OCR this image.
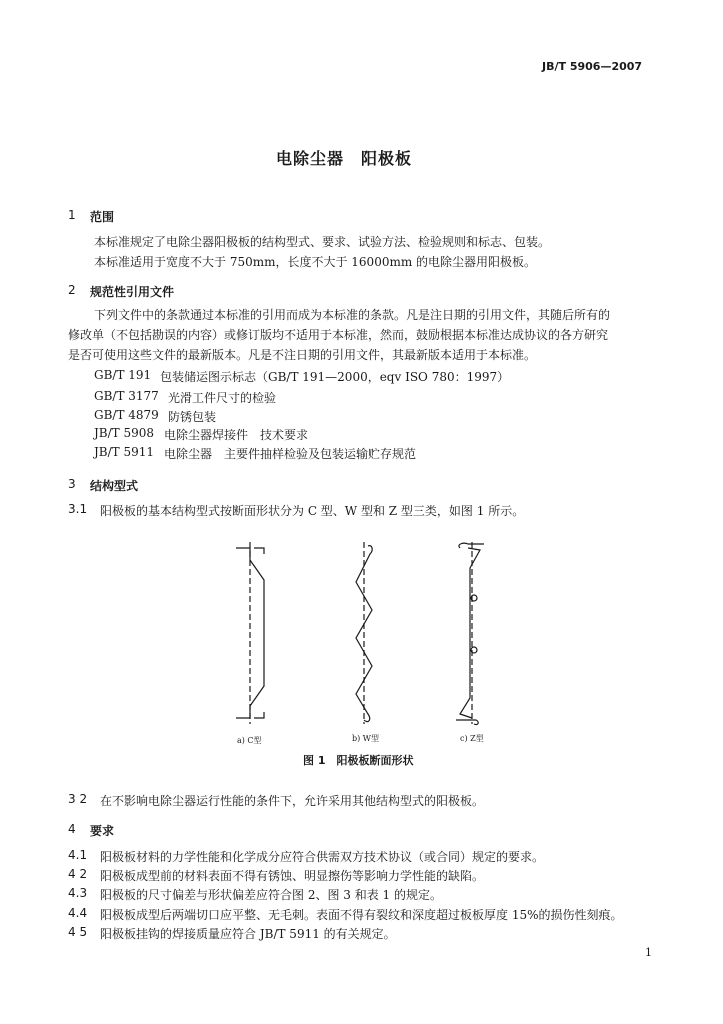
JB/T 5906—2007
电除尘器　阳极板
1 范围
本标准规定了电除尘器阳极板的结构型式、要求、试验方法、检验规则和标志、包装。
本标准适用于宽度不大于 750mm，长度不大于 16000mm 的电除尘器用阳极板。
2 规范性引用文件
下列文件中的条款通过本标准的引用而成为本标准的条款。凡是注日期的引用文件，其随后所有的
修改单（不包括勘误的内容）或修订版均不适用于本标准，然而，鼓励根据本标准达成协议的各方研究
是否可使用这些文件的最新版本。凡是不注日期的引用文件，其最新版本适用于本标准。
GB/T 191 包装储运图示标志（GB/T 191—2000，eqv ISO 780：1997）
GB/T 3177 光滑工件尺寸的检验
GB/T 4879 防锈包装
JB/T 5908 电除尘器焊接件　技术要求
JB/T 5911 电除尘器　主要件抽样检验及包装运输贮存规范
3 结构型式
3.1 阳极板的基本结构型式按断面形状分为 C 型、W 型和 Z 型三类，如图 1 所示。
a) C型	b) W型	c) Z型
图 1　阳极板断面形状
3 2 在不影响电除尘器运行性能的条件下，允许采用其他结构型式的阳极板。
4 要求
4.1 阳极板材料的力学性能和化学成分应符合供需双方技术协议（或合同）规定的要求。
4 2 阳极板成型前的材料表面不得有锈蚀、明显擦伤等影响力学性能的缺陷。
4.3 阳极板的尺寸偏差与形状偏差应符合图 2、图 3 和表 1 的规定。
4.4 阳极板成型后两端切口应平整、无毛刺。表面不得有裂纹和深度超过板板厚度 15%的损伤性刻痕。
4 5 阳极板挂钩的焊接质量应符合 JB/T 5911 的有关规定。
1
